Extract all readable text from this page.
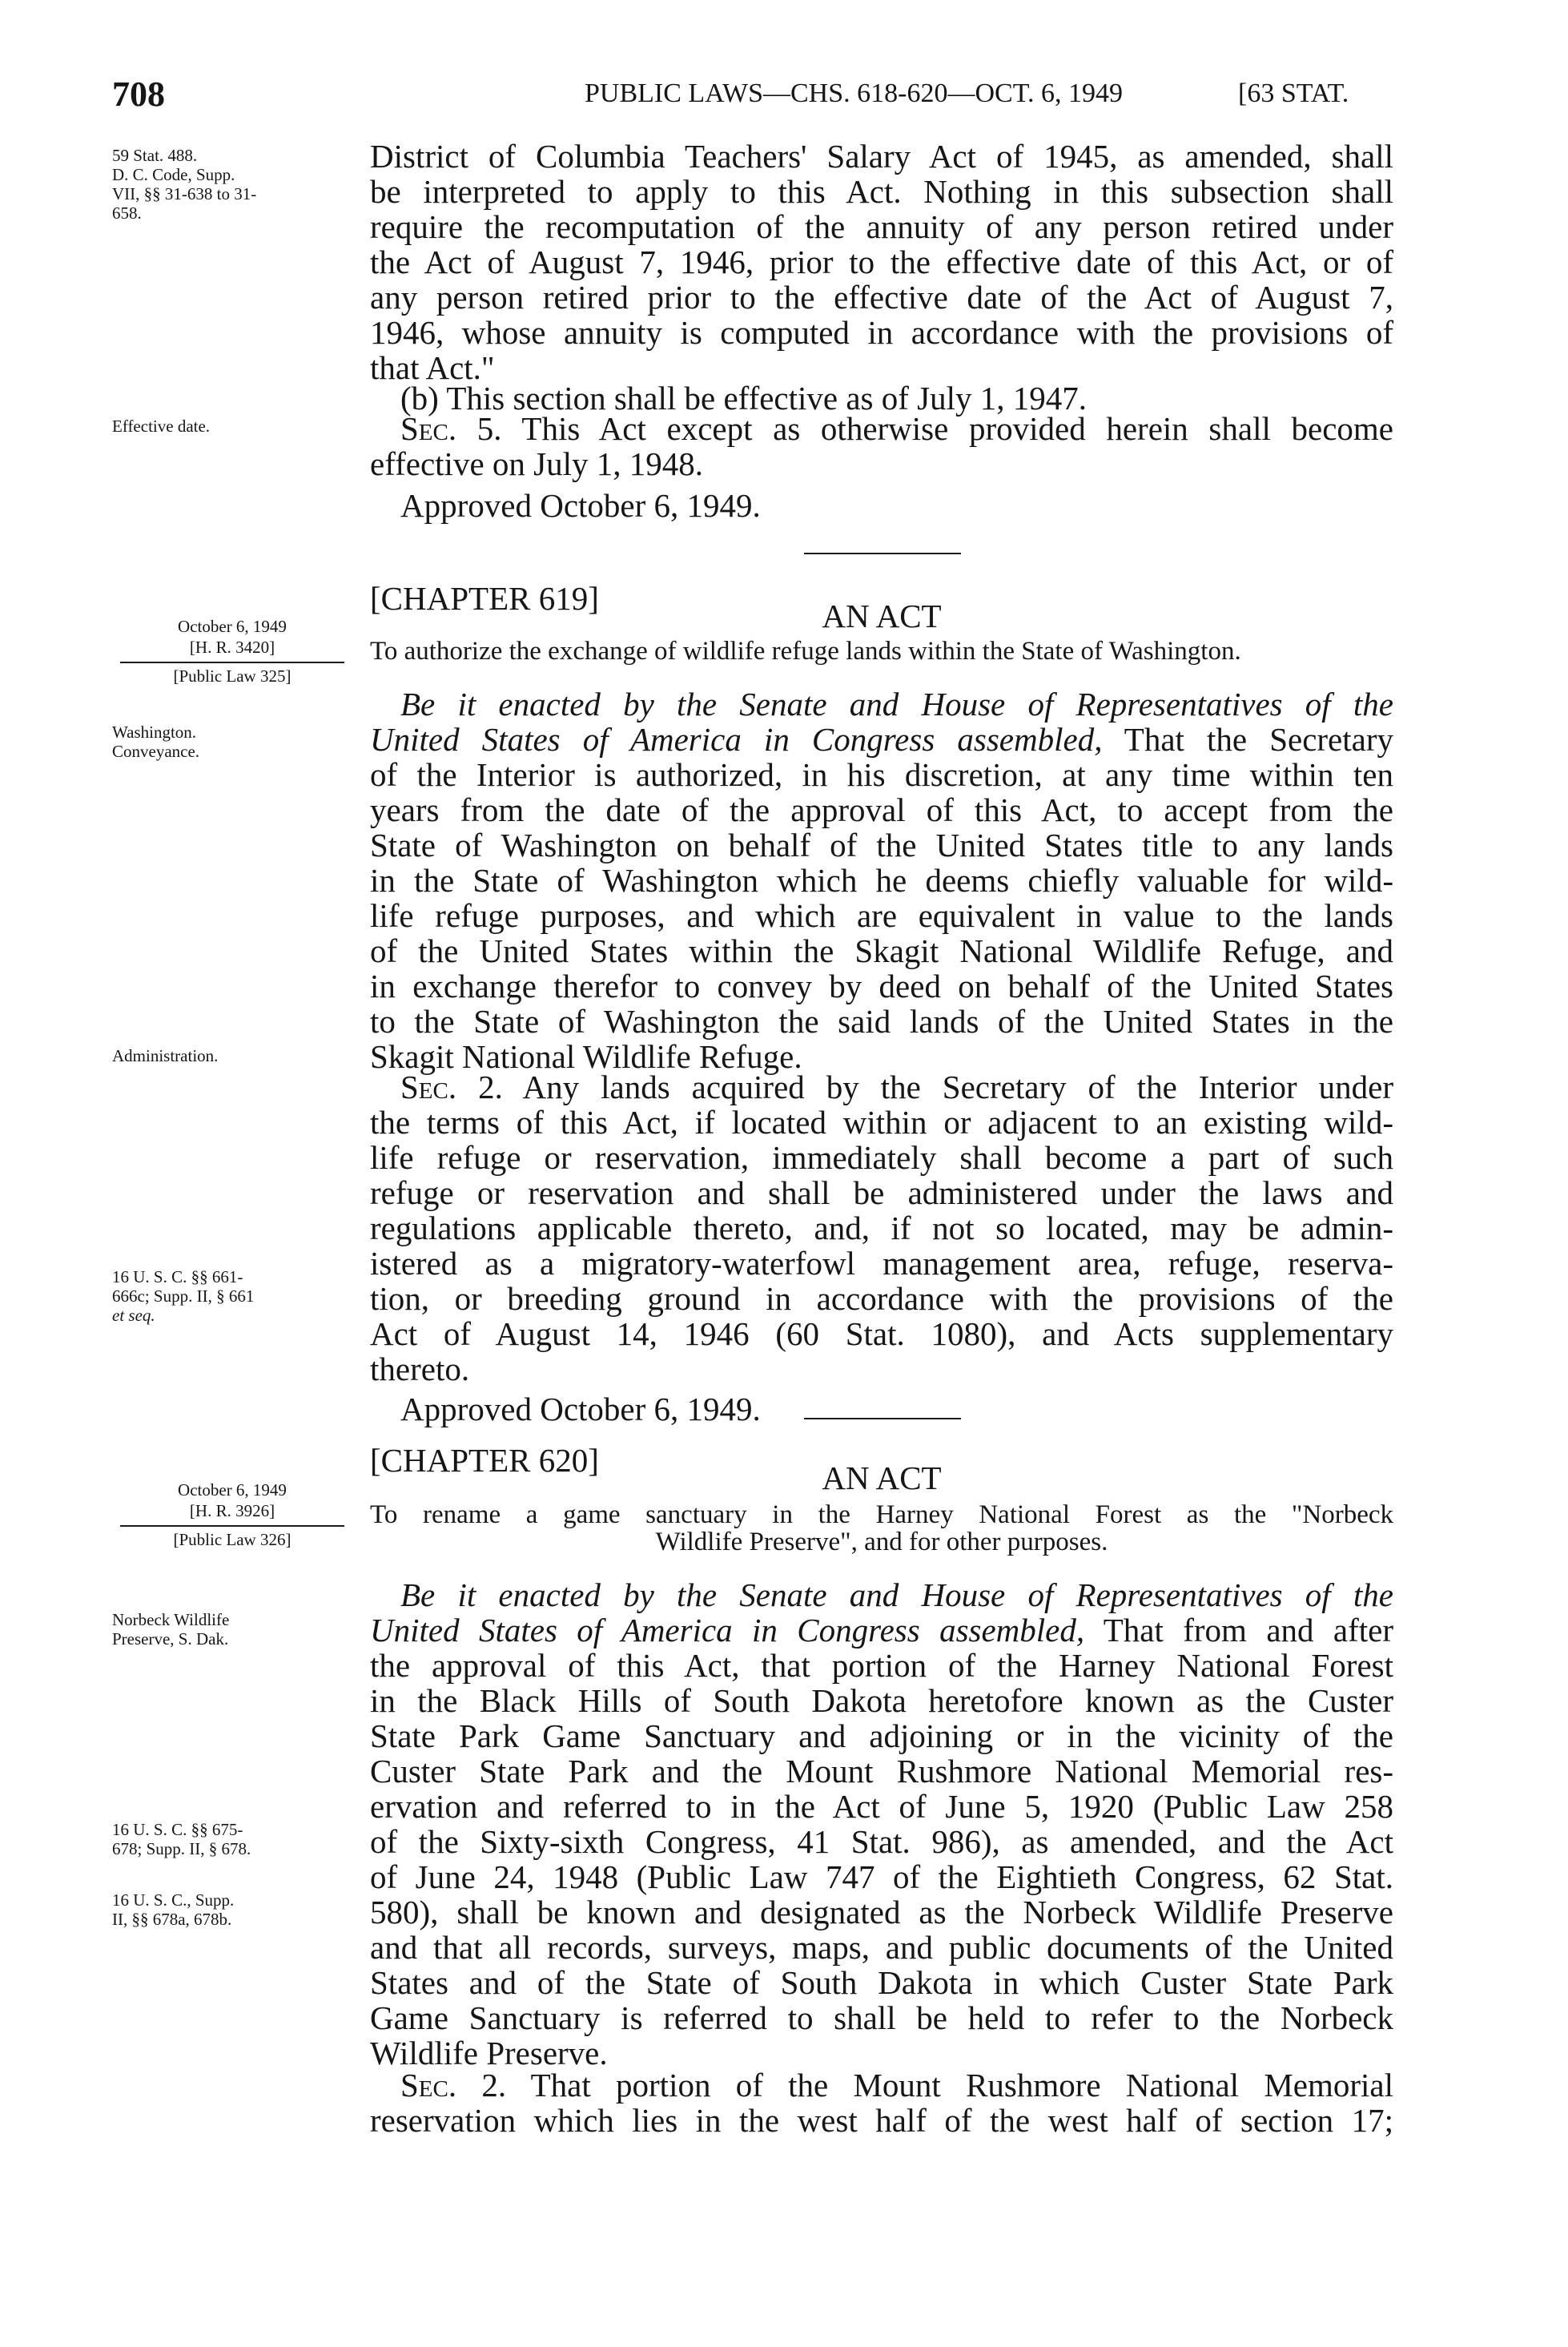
708	PUBLIC LAWS—CHS. 618-620—OCT. 6, 1949	[63 STAT.
59 Stat. 488.
D. C. Code, Supp.
VII, §§ 31-638 to 31-
658.
Effective date.
October 6, 1949
[H. R. 3420]
[Public Law 325]
Washington.
Conveyance.
Administration.
16 U. S. C. §§ 661-
666c; Supp. II, § 661
et seq.
October 6, 1949
[H. R. 3926]
[Public Law 326]
Norbeck Wildlife
Preserve, S. Dak.
16 U. S. C. §§ 675-
678; Supp. II, § 678.
16 U. S. C., Supp.
II, §§ 678a, 678b.
District of Columbia Teachers' Salary Act of 1945, as amended, shall
be interpreted to apply to this Act. Nothing in this subsection shall
require the recomputation of the annuity of any person retired under
the Act of August 7, 1946, prior to the effective date of this Act, or of
any person retired prior to the effective date of the Act of August 7,
1946, whose annuity is computed in accordance with the provisions of
that Act."
(b) This section shall be effective as of July 1, 1947.
Sec. 5. This Act except as otherwise provided herein shall become
effective on July 1, 1948.
Approved October 6, 1949.
[CHAPTER 619]	AN ACT
To authorize the exchange of wildlife refuge lands within the State of Washington.
Be it enacted by the Senate and House of Representatives of the
United States of America in Congress assembled, That the Secretary
of the Interior is authorized, in his discretion, at any time within ten
years from the date of the approval of this Act, to accept from the
State of Washington on behalf of the United States title to any lands
in the State of Washington which he deems chiefly valuable for wild-
life refuge purposes, and which are equivalent in value to the lands
of the United States within the Skagit National Wildlife Refuge, and
in exchange therefor to convey by deed on behalf of the United States
to the State of Washington the said lands of the United States in the
Skagit National Wildlife Refuge.
Sec. 2. Any lands acquired by the Secretary of the Interior under
the terms of this Act, if located within or adjacent to an existing wild-
life refuge or reservation, immediately shall become a part of such
refuge or reservation and shall be administered under the laws and
regulations applicable thereto, and, if not so located, may be admin-
istered as a migratory-waterfowl management area, refuge, reserva-
tion, or breeding ground in accordance with the provisions of the
Act of August 14, 1946 (60 Stat. 1080), and Acts supplementary
thereto.
Approved October 6, 1949.
[CHAPTER 620]	AN ACT
To rename a game sanctuary in the Harney National Forest as the "Norbeck
Wildlife Preserve", and for other purposes.
Be it enacted by the Senate and House of Representatives of the
United States of America in Congress assembled, That from and after
the approval of this Act, that portion of the Harney National Forest
in the Black Hills of South Dakota heretofore known as the Custer
State Park Game Sanctuary and adjoining or in the vicinity of the
Custer State Park and the Mount Rushmore National Memorial res-
ervation and referred to in the Act of June 5, 1920 (Public Law 258
of the Sixty-sixth Congress, 41 Stat. 986), as amended, and the Act
of June 24, 1948 (Public Law 747 of the Eightieth Congress, 62 Stat.
580), shall be known and designated as the Norbeck Wildlife Preserve
and that all records, surveys, maps, and public documents of the United
States and of the State of South Dakota in which Custer State Park
Game Sanctuary is referred to shall be held to refer to the Norbeck
Wildlife Preserve.
Sec. 2. That portion of the Mount Rushmore National Memorial
reservation which lies in the west half of the west half of section 17;
